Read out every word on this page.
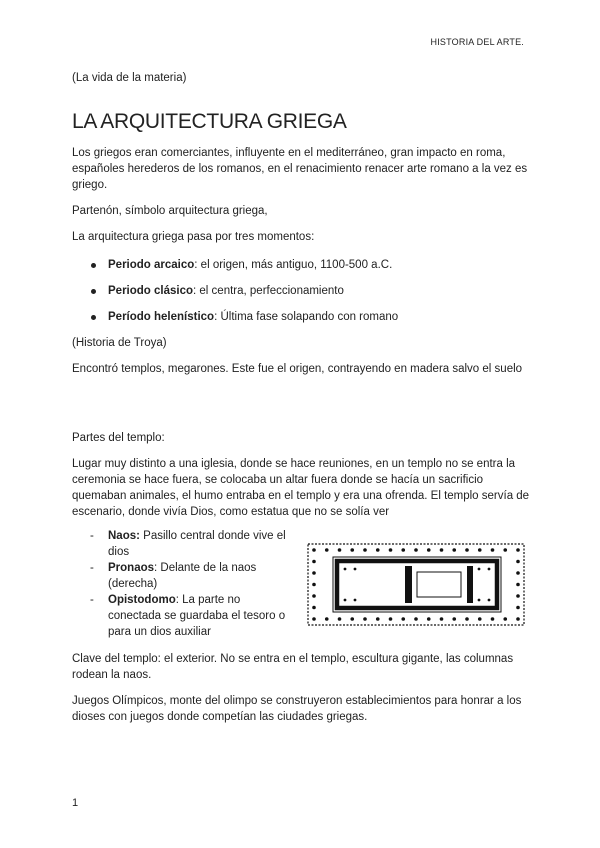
HISTORIA DEL ARTE.
(La vida de la materia)
LA ARQUITECTURA GRIEGA

Los griegos eran comerciantes, influyente en el mediterráneo, gran impacto en roma, españoles herederos de los romanos, en el renacimiento renacer arte romano a la vez es griego.

Partenón, símbolo arquitectura griega,

La arquitectura griega pasa por tres momentos:

Periodo arcaico: el origen, más antiguo, 1100-500 a.C.
Periodo clásico: el centra, perfeccionamiento
Período helenístico: Última fase solapando con romano

(Historia de Troya)

Encontró templos, megarones. Este fue el origen, contrayendo en madera salvo el suelo

Partes del templo:

Lugar muy distinto a una iglesia, donde se hace reuniones, en un templo no se entra la ceremonia se hace fuera, se colocaba un altar fuera donde se hacía un sacrificio quemaban animales, el humo entraba en el templo y era una ofrenda. El templo servía de escenario, donde vivía Dios, como estatua que no se solía ver

- Naos: Pasillo central donde vive el dios
- Pronaos: Delante de la naos (derecha)
- Opistodomo: La parte no conectada se guardaba el tesoro o para un dios auxiliar

Clave del templo: el exterior. No se entra en el templo, escultura gigante, las columnas rodean la naos.

Juegos Olímpicos, monte del olimpo se construyeron establecimientos para honrar a los dioses con juegos donde competían las ciudades griegas.

1
